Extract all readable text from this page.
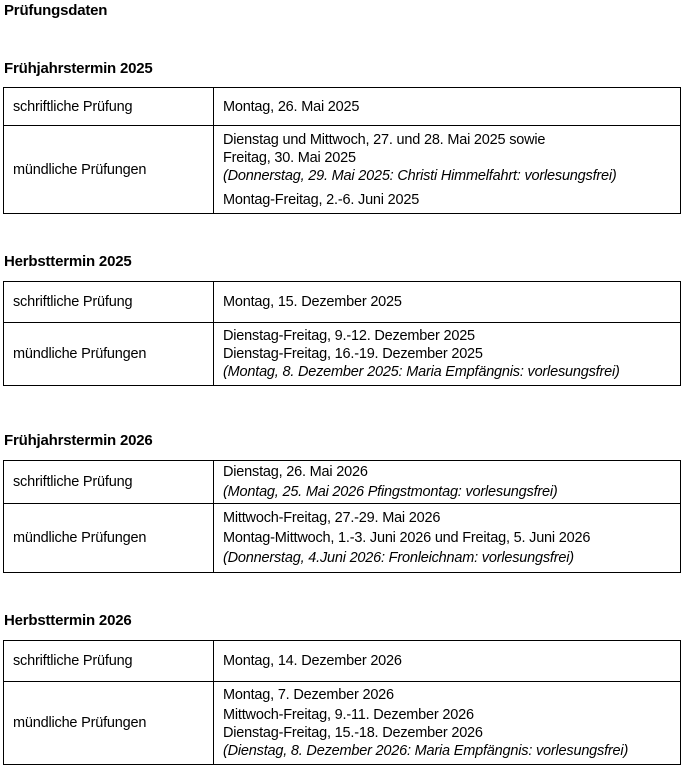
Prüfungsdaten
Frühjahrstermin 2025
schriftliche Prüfung	Montag, 26. Mai 2025

mündliche Prüfungen	Dienstag und Mittwoch, 27. und 28. Mai 2025 sowie
Freitag, 30. Mai 2025
(Donnerstag, 29. Mai 2025: Christi Himmelfahrt: vorlesungsfrei)
Montag-Freitag, 2.-6. Juni 2025
Herbsttermin 2025
schriftliche Prüfung	Montag, 15. Dezember 2025

mündliche Prüfungen	Dienstag-Freitag, 9.-12. Dezember 2025
Dienstag-Freitag, 16.-19. Dezember 2025
(Montag, 8. Dezember 2025: Maria Empfängnis: vorlesungsfrei)
Frühjahrstermin 2026
schriftliche Prüfung	Dienstag, 26. Mai 2026
(Montag, 25. Mai 2026 Pfingstmontag: vorlesungsfrei)

mündliche Prüfungen	Mittwoch-Freitag, 27.-29. Mai 2026
Montag-Mittwoch, 1.-3. Juni 2026 und Freitag, 5. Juni 2026
(Donnerstag, 4.Juni 2026: Fronleichnam: vorlesungsfrei)
Herbsttermin 2026
schriftliche Prüfung	Montag, 14. Dezember 2026

mündliche Prüfungen	Montag, 7. Dezember 2026
Mittwoch-Freitag, 9.-11. Dezember 2026
Dienstag-Freitag, 15.-18. Dezember 2026
(Dienstag, 8. Dezember 2026: Maria Empfängnis: vorlesungsfrei)
